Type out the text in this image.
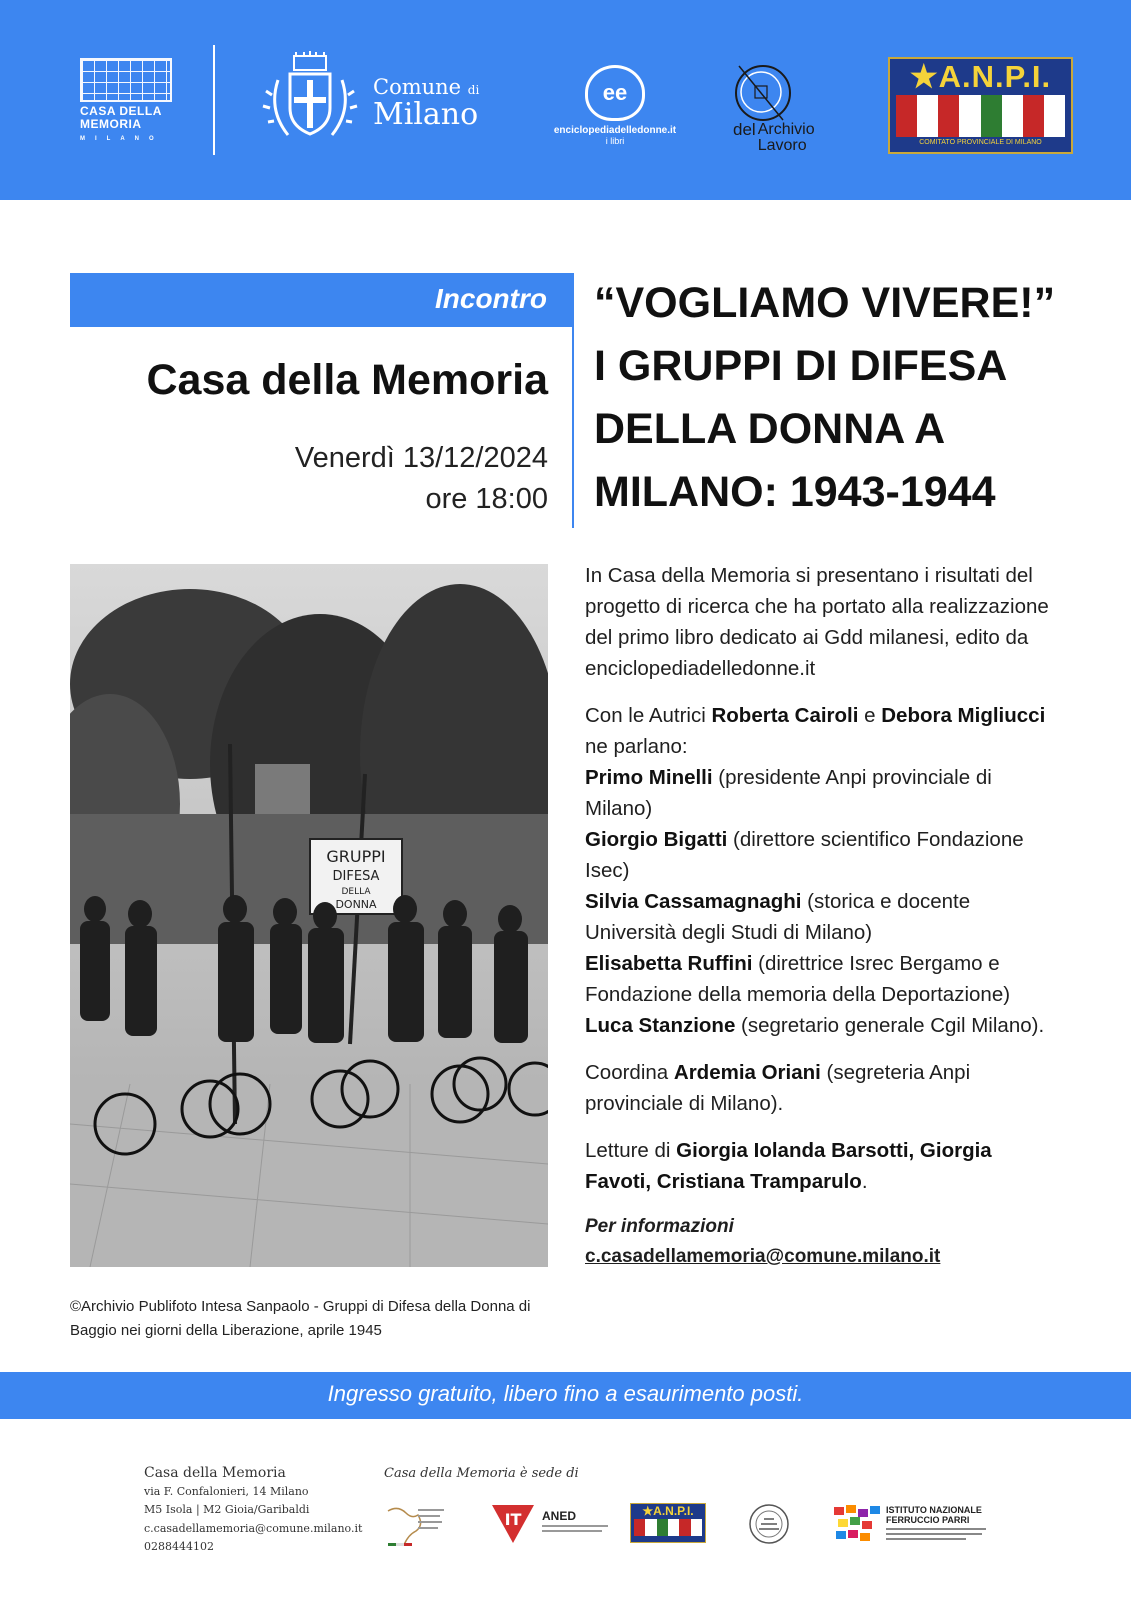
CASA DELLA
MEMORIA
MILANO
Comune di
Milano
ee
enciclopediadelledonne.it
i libri
del Archivio
Lavoro
★A.N.P.I.
COMITATO PROVINCIALE DI MILANO
Incontro
Casa della Memoria
Venerdì 13/12/2024
ore 18:00
“VOGLIAMO VIVERE!”
I GRUPPI DI DIFESA
DELLA DONNA A
MILANO: 1943-1944
GRUPPI
DIFESA
DELLA
DONNA
©Archivio Publifoto Intesa Sanpaolo - Gruppi di Difesa della Donna di Baggio nei giorni della Liberazione, aprile 1945

In Casa della Memoria si presentano i risultati del progetto di ricerca che ha portato alla realizzazione del primo libro dedicato ai Gdd milanesi, edito da enciclopediadelledonne.it

Con le Autrici Roberta Cairoli e Debora Migliucci ne parlano:

Primo Minelli (presidente Anpi provinciale di Milano)

Giorgio Bigatti (direttore scientifico Fondazione Isec)

Silvia Cassamagnaghi (storica e docente Università degli Studi di Milano)

Elisabetta Ruffini (direttrice Isrec Bergamo e Fondazione della memoria della Deportazione)

Luca Stanzione (segretario generale Cgil Milano).

Coordina Ardemia Oriani (segreteria Anpi provinciale di Milano).

Letture di Giorgia Iolanda Barsotti, Giorgia Favoti, Cristiana Tramparulo.

Per informazioni
c.casadellamemoria@comune.milano.it
Ingresso gratuito, libero fino a esaurimento posti.
Casa della Memoria
via F. Confalonieri, 14 Milano
M5 Isola | M2 Gioia/Garibaldi
c.casadellamemoria@comune.milano.it
0288444102
Casa della Memoria è sede di
IT ANED	★A.N.P.I.	ISTITUTO NAZIONALE
FERRUCCIO PARRI
